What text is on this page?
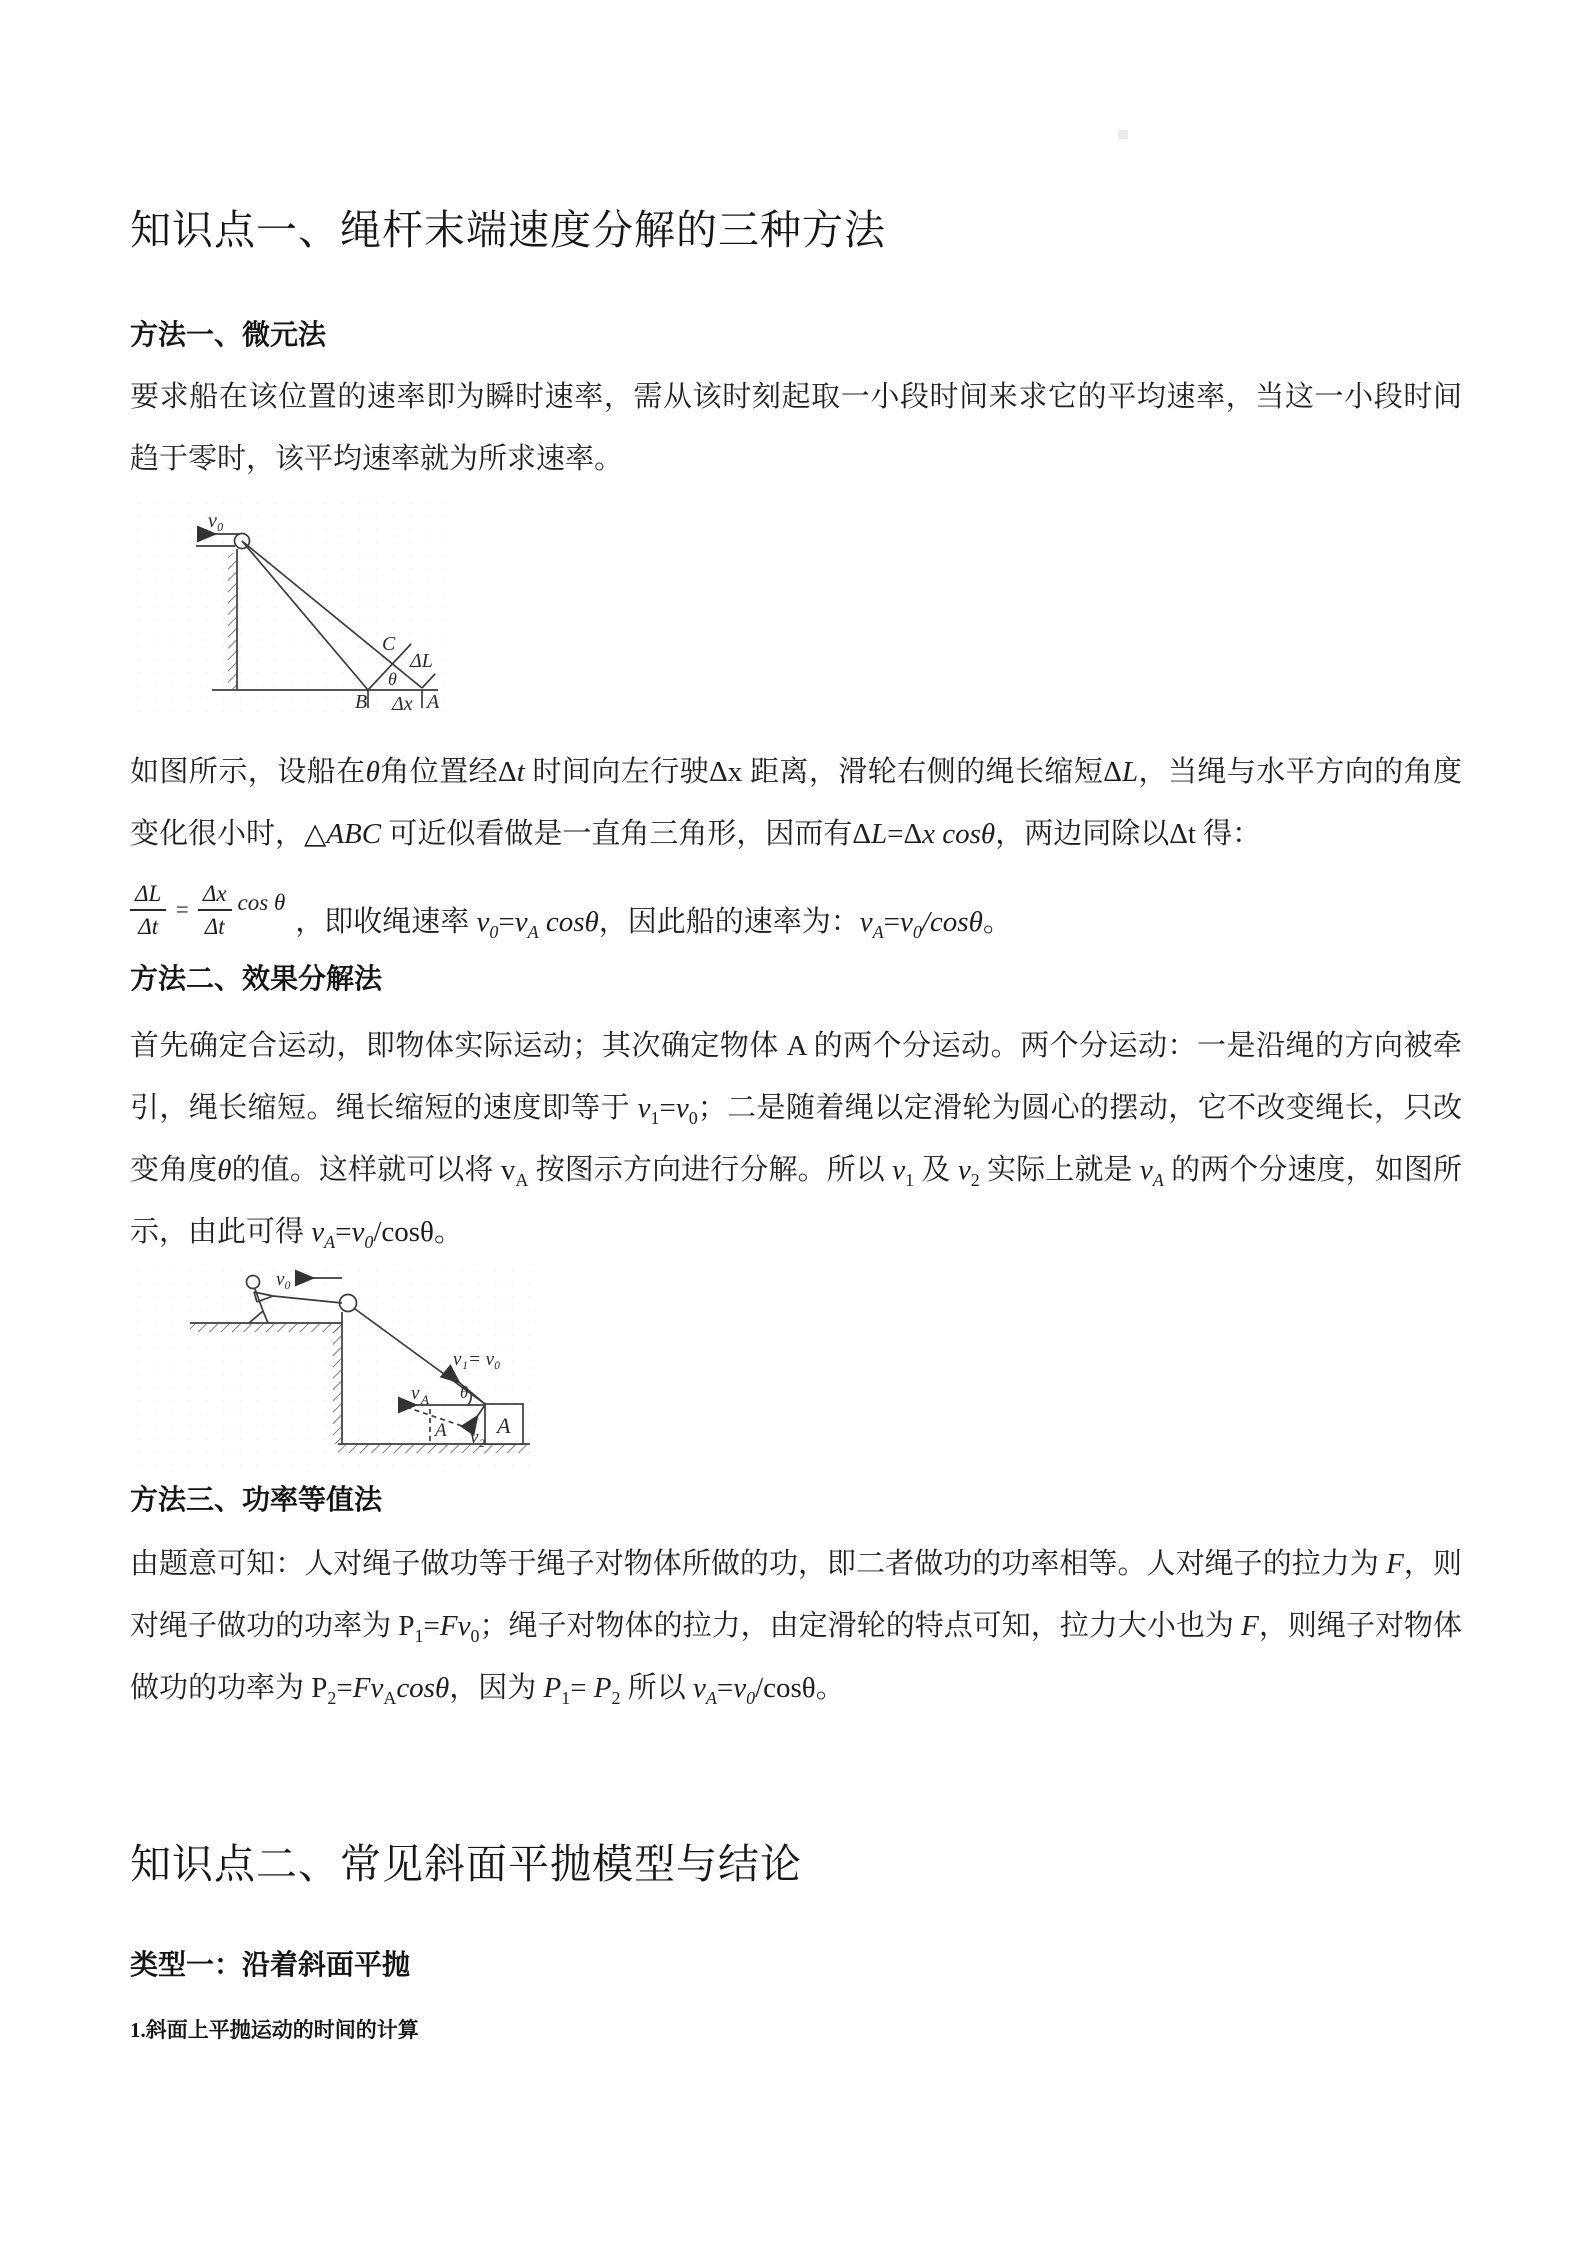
知识点一、绳杆末端速度分解的三种方法
方法一、微元法
要求船在该位置的速率即为瞬时速率，需从该时刻起取一小段时间来求它的平均速率，当这一小段时间趋于零时，该平均速率就为所求速率。
v₀
C
ΔL
θ
B Δx A
如图所示，设船在θ角位置经Δt 时间向左行驶Δx 距离，滑轮右侧的绳长缩短ΔL，当绳与水平方向的角度变化很小时，△ABC 可近似看做是一直角三角形，因而有ΔL=Δx cosθ，两边同除以Δt 得：
$\frac{\Delta L}{\Delta t} = \frac{\Delta x}{\Delta t}$ cos θ
，即收绳速率 $v_0=v_A$ cosθ，因此船的速率为：$v_A=v_0$/cosθ。
方法二、效果分解法
首先确定合运动，即物体实际运动；其次确定物体 A 的两个分运动。两个分运动：一是沿绳的方向被牵引，绳长缩短。绳长缩短的速度即等于 $v_1=v_0$；二是随着绳以定滑轮为圆心的摆动，它不改变绳长，只改变角度θ的值。这样就可以将 $v_A$ 按图示方向进行分解。所以 $v_1$ 及 $v_2$ 实际上就是 $v_A$ 的两个分速度，如图所示，由此可得 $v_A=v_0$/cosθ。
v₀
v₁= v₀
θ
v A
A v₂ A
方法三、功率等值法
由题意可知：人对绳子做功等于绳子对物体所做的功，即二者做功的功率相等。人对绳子的拉力为 F，则对绳子做功的功率为 $P_1=Fv_0$；绳子对物体的拉力，由定滑轮的特点可知，拉力大小也为 F，则绳子对物体做功的功率为 $P_2=Fv_A\cos\theta$，因为 $P_1= P_2$ 所以 $v_A=v_0$/cosθ。
知识点二、常见斜面平抛模型与结论
类型一：沿着斜面平抛
1.斜面上平抛运动的时间的计算
